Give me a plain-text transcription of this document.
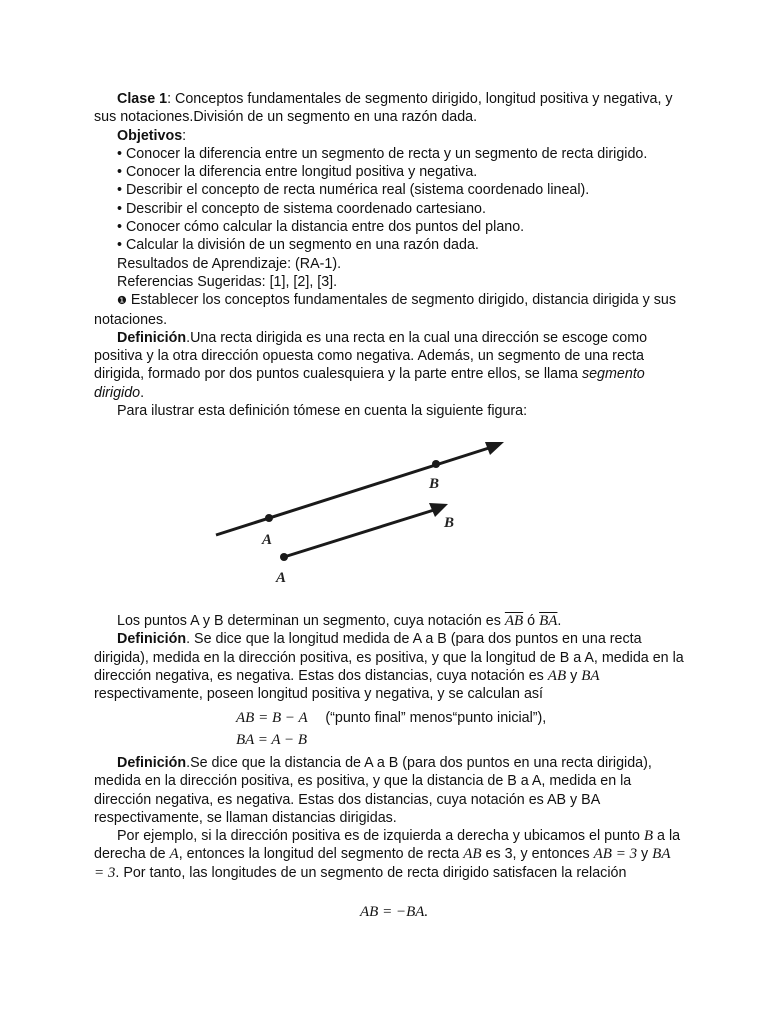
Clase 1: Conceptos fundamentales de segmento dirigido, longitud positiva y negativa, y sus notaciones.División de un segmento en una razón dada.

Objetivos:

• Conocer la diferencia entre un segmento de recta y un segmento de recta dirigido.

• Conocer la diferencia entre longitud positiva y negativa.

• Describir el concepto de recta numérica real (sistema coordenado lineal).

• Describir el concepto de sistema coordenado cartesiano.

• Conocer cómo calcular la distancia entre dos puntos del plano.

• Calcular la división de un segmento en una razón dada.

Resultados de Aprendizaje: (RA-1).

Referencias Sugeridas: [1], [2], [3].

❶ Establecer los conceptos fundamentales de segmento dirigido, distancia dirigida y sus notaciones.

Definición.Una recta dirigida es una recta en la cual una dirección se escoge como positiva y la otra dirección opuesta como negativa. Además, un segmento de una recta dirigida, formado por dos puntos cualesquiera y la parte entre ellos, se llama segmento dirigido.

Para ilustrar esta definición tómese en cuenta la siguiente figura:

A
B
A
B

Los puntos A y B determinan un segmento, cuya notación es $\overline{AB}$ ó $\overline{BA}$.

Definición. Se dice que la longitud medida de A a B (para dos puntos en una recta dirigida), medida en la dirección positiva, es positiva, y que la longitud de B a A, medida en la dirección negativa, es negativa. Estas dos distancias, cuya notación es AB y BA respectivamente, poseen longitud positiva y negativa, y se calculan así

AB = B − A (“punto final” menos“punto inicial”),
BA = A − B

Definición.Se dice que la distancia de A a B (para dos puntos en una recta dirigida), medida en la dirección positiva, es positiva, y que la distancia de B a A, medida en la dirección negativa, es negativa. Estas dos distancias, cuya notación es AB y BA respectivamente, se llaman distancias dirigidas.

Por ejemplo, si la dirección positiva es de izquierda a derecha y ubicamos el punto B a la derecha de A, entonces la longitud del segmento de recta AB es 3, y entonces AB = 3 y BA = 3. Por tanto, las longitudes de un segmento de recta dirigido satisfacen la relación

AB = −BA.
